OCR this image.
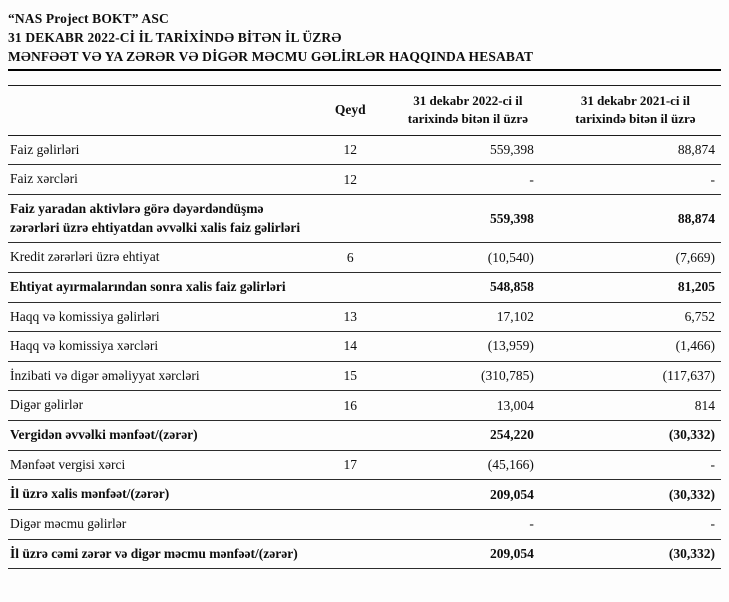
“NAS Project BOKT” ASC
31 DEKABR 2022-Cİ İL TARİXİNDƏ BİTƏN İL ÜZRƏ
MƏNFƏƏT VƏ YA ZƏRƏR VƏ DİGƏR MƏCMU GƏLİRLƏR HAQQINDA HESABAT
	Qeyd	31 dekabr 2022-ci il tarixində bitən il üzrə	31 dekabr 2021-ci il tarixində bitən il üzrə
Faiz gəlirləri	12	559,398	88,874
Faiz xərcləri	12	-	-
Faiz yaradan aktivlərə görə dəyərdəndüşmə zərərləri üzrə ehtiyatdan əvvəlki xalis faiz gəlirləri		559,398	88,874
Kredit zərərləri üzrə ehtiyat	6	(10,540)	(7,669)
Ehtiyat ayırmalarından sonra xalis faiz gəlirləri		548,858	81,205
Haqq və komissiya gəlirləri	13	17,102	6,752
Haqq və komissiya xərcləri	14	(13,959)	(1,466)
İnzibati və digər əməliyyat xərcləri	15	(310,785)	(117,637)
Digər gəlirlər	16	13,004	814
Vergidən əvvəlki mənfəət/(zərər)		254,220	(30,332)
Mənfəət vergisi xərci	17	(45,166)	-
İl üzrə xalis mənfəət/(zərər)		209,054	(30,332)
Digər məcmu gəlirlər		-	-
İl üzrə cəmi zərər və digər məcmu mənfəət/(zərər)		209,054	(30,332)
